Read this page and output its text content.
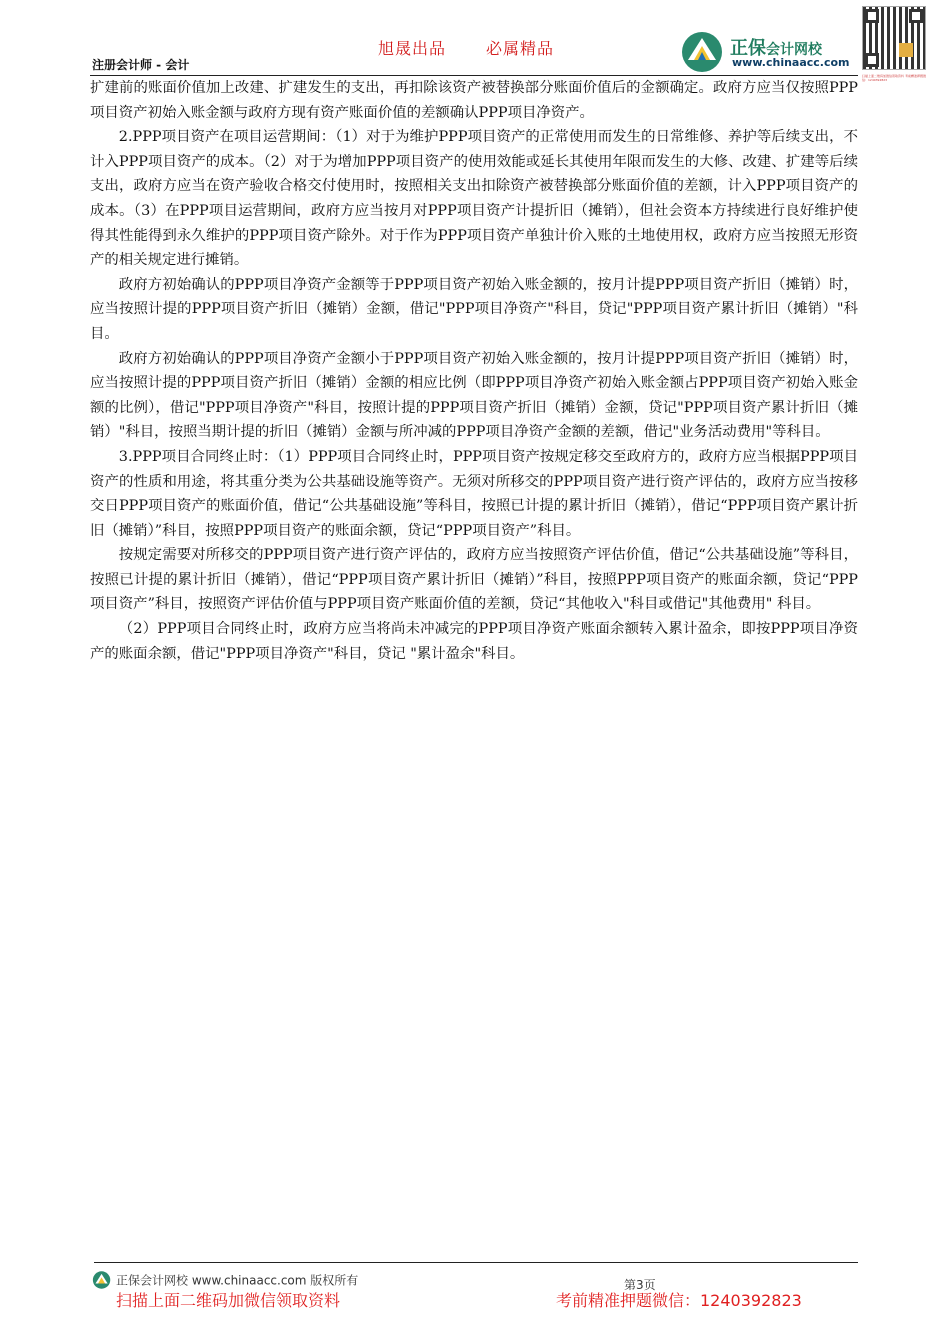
旭晟出品	必属精品
注册会计师 - 会计
正保会计网校
www.chinaacc.com
扫描上面二维码加微信领取资料 考前精准押题微信：1240392823

扩建前的账面价值加上改建、扩建发生的支出，再扣除该资产被替换部分账面价值后的金额确定。政府方应当仅按照PPP项目资产初始入账金额与政府方现有资产账面价值的差额确认PPP项目净资产。

2.PPP项目资产在项目运营期间：（1）对于为维护PPP项目资产的正常使用而发生的日常维修、养护等后续支出，不计入PPP项目资产的成本。（2）对于为增加PPP项目资产的使用效能或延长其使用年限而发生的大修、改建、扩建等后续支出，政府方应当在资产验收合格交付使用时，按照相关支出扣除资产被替换部分账面价值的差额，计入PPP项目资产的成本。（3）在PPP项目运营期间，政府方应当按月对PPP项目资产计提折旧（摊销），但社会资本方持续进行良好维护使得其性能得到永久维护的PPP项目资产除外。对于作为PPP项目资产单独计价入账的土地使用权，政府方应当按照无形资产的相关规定进行摊销。

政府方初始确认的PPP项目净资产金额等于PPP项目资产初始入账金额的，按月计提PPP项目资产折旧（摊销）时，应当按照计提的PPP项目资产折旧（摊销）金额，借记"PPP项目净资产"科目，贷记"PPP项目资产累计折旧（摊销）"科目。

政府方初始确认的PPP项目净资产金额小于PPP项目资产初始入账金额的，按月计提PPP项目资产折旧（摊销）时，应当按照计提的PPP项目资产折旧（摊销）金额的相应比例（即PPP项目净资产初始入账金额占PPP项目资产初始入账金额的比例），借记"PPP项目净资产"科目，按照计提的PPP项目资产折旧（摊销）金额，贷记"PPP项目资产累计折旧（摊销）"科目，按照当期计提的折旧（摊销）金额与所冲减的PPP项目净资产金额的差额，借记"业务活动费用"等科目。

3.PPP项目合同终止时：（1）PPP项目合同终止时，PPP项目资产按规定移交至政府方的，政府方应当根据PPP项目资产的性质和用途，将其重分类为公共基础设施等资产。无须对所移交的PPP项目资产进行资产评估的，政府方应当按移交日PPP项目资产的账面价值，借记“公共基础设施”等科目，按照已计提的累计折旧（摊销），借记“PPP项目资产累计折旧（摊销）”科目，按照PPP项目资产的账面余额，贷记“PPP项目资产”科目。

按规定需要对所移交的PPP项目资产进行资产评估的，政府方应当按照资产评估价值，借记“公共基础设施”等科目，按照已计提的累计折旧（摊销），借记“PPP项目资产累计折旧（摊销）”科目，按照PPP项目资产的账面余额，贷记“PPP项目资产”科目，按照资产评估价值与PPP项目资产账面价值的差额，贷记“其他收入"科目或借记"其他费用" 科目。

（2）PPP项目合同终止时，政府方应当将尚未冲减完的PPP项目净资产账面余额转入累计盈余，即按PPP项目净资产的账面余额，借记"PPP项目净资产"科目，贷记 "累计盈余"科目。

正保会计网校 www.chinaacc.com 版权所有	第3页
扫描上面二维码加微信领取资料	考前精准押题微信：1240392823
